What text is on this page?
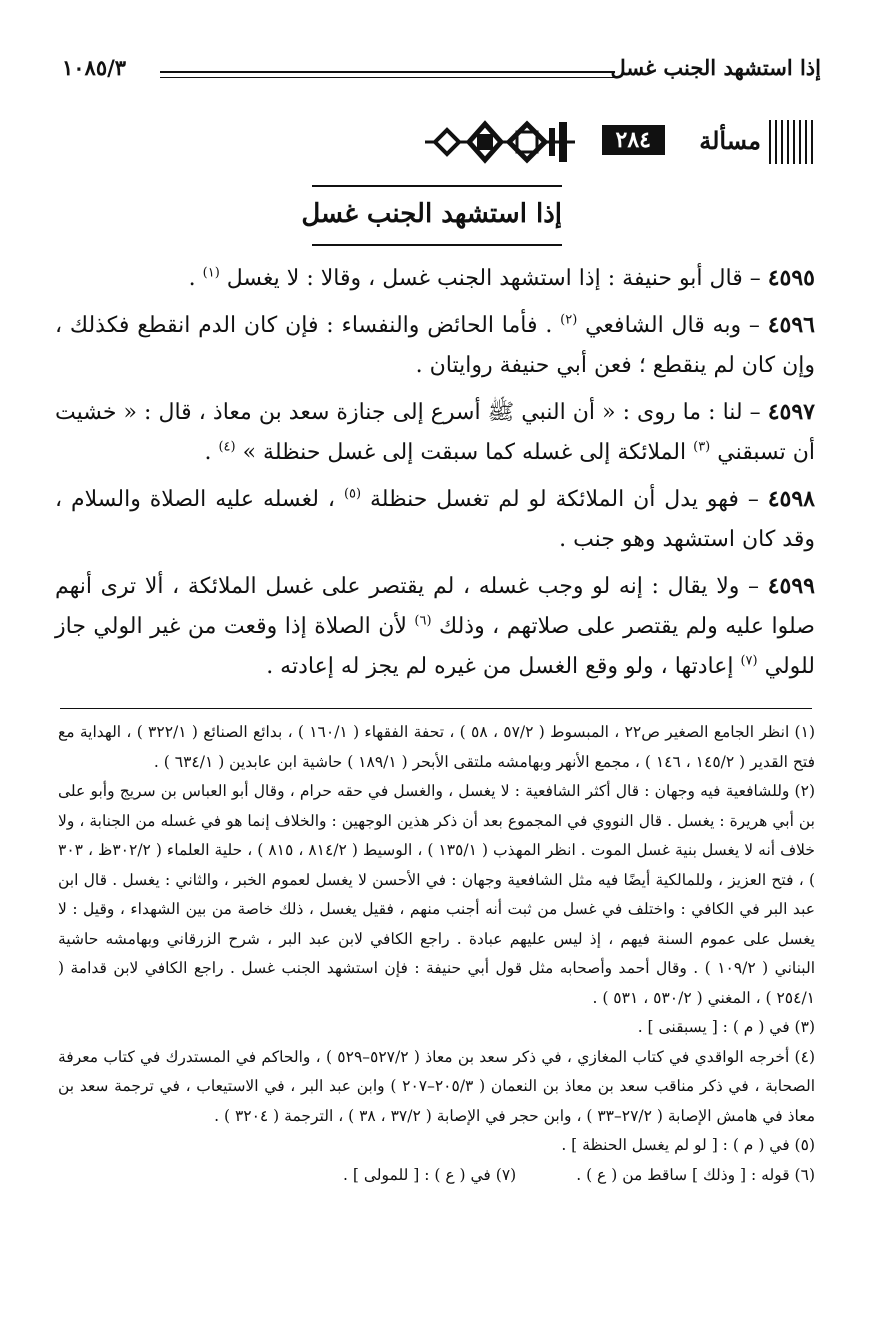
إذا استشهد الجنب غسل
١٠٨٥/٣
مسألة
٢٨٤
إذا استشهد الجنب غسل

٤٥٩٥ – قال أبو حنيفة : إذا استشهد الجنب غسل ، وقالا : لا يغسل $^{(١)}$ .

٤٥٩٦ – وبه قال الشافعي $^{(٢)}$ . فأما الحائض والنفساء : فإن كان الدم انقطع فكذلك ، وإن كان لم ينقطع ؛ فعن أبي حنيفة روايتان .

٤٥٩٧ – لنا : ما روى : « أن النبي ﷺ أسرع إلى جنازة سعد بن معاذ ، قال : « خشيت أن تسبقني $^{(٣)}$ الملائكة إلى غسله كما سبقت إلى غسل حنظلة » $^{(٤)}$ .

٤٥٩٨ – فهو يدل أن الملائكة لو لم تغسل حنظلة $^{(٥)}$ ، لغسله عليه الصلاة والسلام ، وقد كان استشهد وهو جنب .

٤٥٩٩ – ولا يقال : إنه لو وجب غسله ، لم يقتصر على غسل الملائكة ، ألا ترى أنهم صلوا عليه ولم يقتصر على صلاتهم ، وذلك $^{(٦)}$ لأن الصلاة إذا وقعت من غير الولي جاز للولي $^{(٧)}$ إعادتها ، ولو وقع الغسل من غيره لم يجز له إعادته .

(١) انظر الجامع الصغير ص٢٢ ، المبسوط ( ٥٧/٢ ، ٥٨ ) ، تحفة الفقهاء ( ١٦٠/١ ) ، بدائع الصنائع ( ٣٢٢/١ ) ، الهداية مع فتح القدير ( ١٤٥/٢ ، ١٤٦ ) ، مجمع الأنهر وبهامشه ملتقى الأبحر ( ١٨٩/١ ) حاشية ابن عابدين ( ٦٣٤/١ ) .

(٢) وللشافعية فيه وجهان : قال أكثر الشافعية : لا يغسل ، والغسل في حقه حرام ، وقال أبو العباس بن سريج وأبو على بن أبي هريرة : يغسل . قال النووي في المجموع بعد أن ذكر هذين الوجهين : والخلاف إنما هو في غسله من الجنابة ، ولا خلاف أنه لا يغسل بنية غسل الموت . انظر المهذب ( ١٣٥/١ ) ، الوسيط ( ٨١٤/٢ ، ٨١٥ ) ، حلية العلماء ( ٣٠٢/٢ظ ، ٣٠٣ ) ، فتح العزيز ، وللمالكية أيضًا فيه مثل الشافعية وجهان : في الأحسن لا يغسل لعموم الخبر ، والثاني : يغسل . قال ابن عبد البر في الكافي : واختلف في غسل من ثبت أنه أجنب منهم ، فقيل يغسل ، ذلك خاصة من بين الشهداء ، وقيل : لا يغسل على عموم السنة فيهم ، إذ ليس عليهم عبادة . راجع الكافي لابن عبد البر ، شرح الزرقاني وبهامشه حاشية البناني ( ١٠٩/٢ ) . وقال أحمد وأصحابه مثل قول أبي حنيفة : فإن استشهد الجنب غسل . راجع الكافي لابن قدامة ( ٢٥٤/١ ) ، المغني ( ٥٣٠/٢ ، ٥٣١ ) .

(٣) في ( م ) : [ يسبقنى ] .

(٤) أخرجه الواقدي في كتاب المغازي ، في ذكر سعد بن معاذ ( ٥٢٧/٢–٥٢٩ ) ، والحاكم في المستدرك في كتاب معرفة الصحابة ، في ذكر مناقب سعد بن معاذ بن النعمان ( ٢٠٥/٣–٢٠٧ ) وابن عبد البر ، في الاستيعاب ، في ترجمة سعد بن معاذ في هامش الإصابة ( ٢٧/٢–٣٣ ) ، وابن حجر في الإصابة ( ٣٧/٢ ، ٣٨ ) ، الترجمة ( ٣٢٠٤ ) .

(٥) في ( م ) : [ لو لم يغسل الحنظة ] .

(٦) قوله : [ وذلك ] ساقط من ( ع ) .
(٧) في ( ع ) : [ للمولى ] .
